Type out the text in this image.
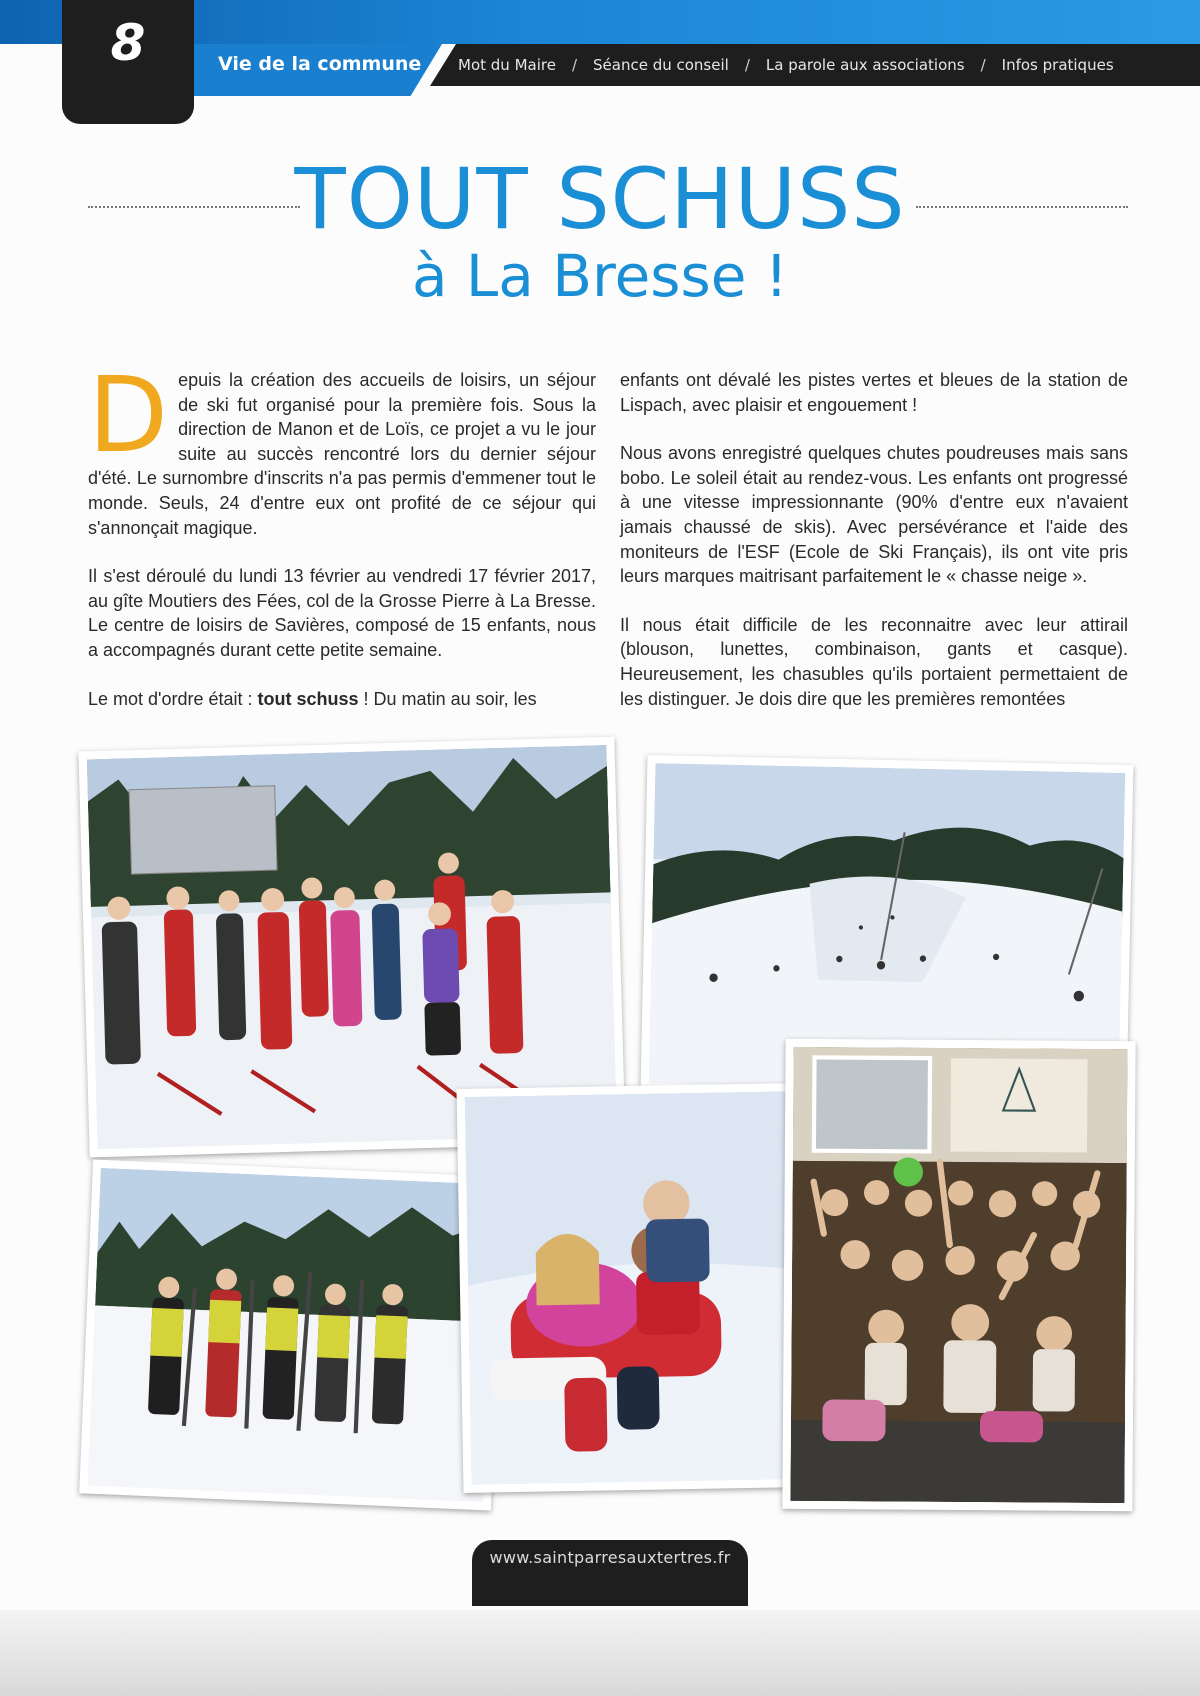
8	Vie de la commune Mot du Maire / Séance du conseil / La parole aux associations / Infos pratiques
TOUT SCHUSS
à La Bresse !

Depuis la création des accueils de loisirs, un séjour de ski fut organisé pour la première fois. Sous la direction de Manon et de Loïs, ce projet a vu le jour suite au succès rencontré lors du dernier séjour d'été. Le surnombre d'inscrits n'a pas permis d'emmener tout le monde. Seuls, 24 d'entre eux ont profité de ce séjour qui s'annonçait magique.

Il s'est déroulé du lundi 13 février au vendredi 17 février 2017, au gîte Moutiers des Fées, col de la Grosse Pierre à La Bresse. Le centre de loisirs de Savières, composé de 15 enfants, nous a accompagnés durant cette petite semaine.

Le mot d'ordre était : tout schuss ! Du matin au soir, les

enfants ont dévalé les pistes vertes et bleues de la station de Lispach, avec plaisir et engouement !

Nous avons enregistré quelques chutes poudreuses mais sans bobo. Le soleil était au rendez-vous. Les enfants ont progressé à une vitesse impressionnante (90% d'entre eux n'avaient jamais chaussé de skis). Avec persévérance et l'aide des moniteurs de l'ESF (Ecole de Ski Français), ils ont vite pris leurs marques maitrisant parfaitement le « chasse neige ».

Il nous était difficile de les reconnaitre avec leur attirail (blouson, lunettes, combinaison, gants et casque). Heureusement, les chasubles qu'ils portaient permettaient de les distinguer. Je dois dire que les premières remontées

www.saintparresauxtertres.fr
